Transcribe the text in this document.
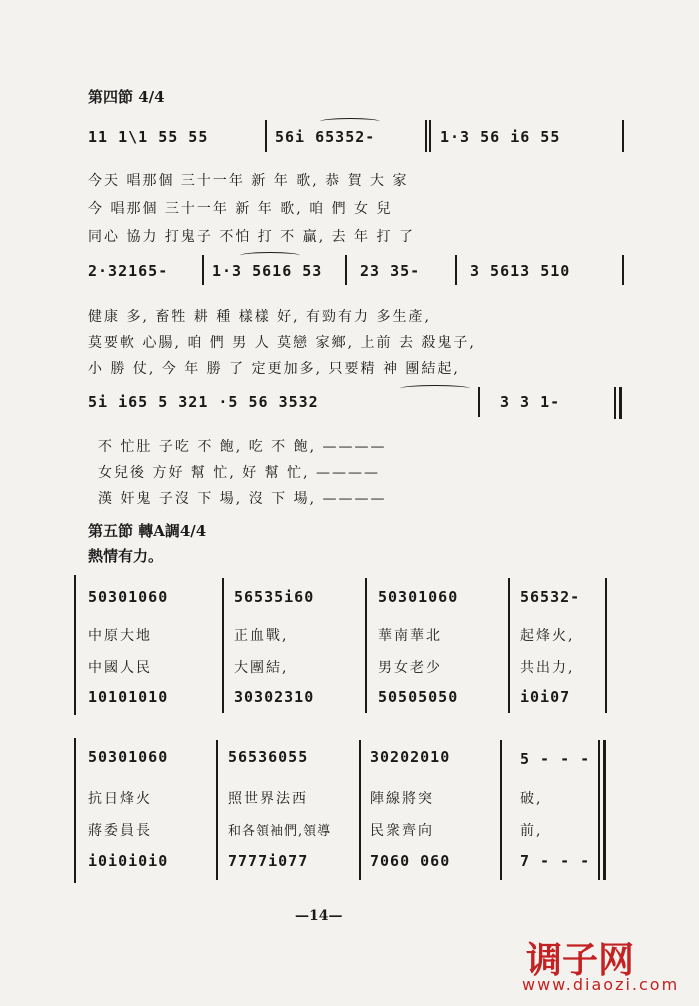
第四節 4/4
11 1\1 55 55	56i 65352-	1·3 56 i6 55
今天 唱那個 三十一年 新 年 歌, 恭 賀 大 家
今 唱那個 三十一年 新 年 歌, 咱 們 女 兒
同心 協力 打鬼子 不怕 打 不 贏, 去 年 打 了
2·32165-	1·3 5616 53	23 35-	3 5613 510
健康 多, 畜牲 耕 種 樣樣 好, 有勁有力 多生產,
莫要軟 心腸, 咱 們 男 人 莫戀 家鄉, 上前 去 殺鬼子,
小 勝 仗, 今 年 勝 了 定更加多, 只要精 神 團結起,
5i i65 5 321 ·5 56 3532	3 3 1-
不 忙肚 子吃 不 飽, 吃 不 飽, ————
女兒後 方好 幫 忙, 好 幫 忙, ————
漢 奸鬼 子沒 下 場, 沒 下 場, ————
第五節 轉A調4/4
熱情有力。
50301060	56535i60	50301060	56532-
中原大地	正血戰,	華南華北	起烽火,
中國人民	大團結,	男女老少	共出力,
10101010	30302310	50505050	i0i07
50301060	56536055	30202010	5 - - -
抗日烽火	照世界法西	陣線將突	破,
蔣委員長	和各領袖們,領導	民衆齊向	前,
i0i0i0i0	7777i077	7060 060	7 - - -
—14—
调子网
www.diaozi.com
